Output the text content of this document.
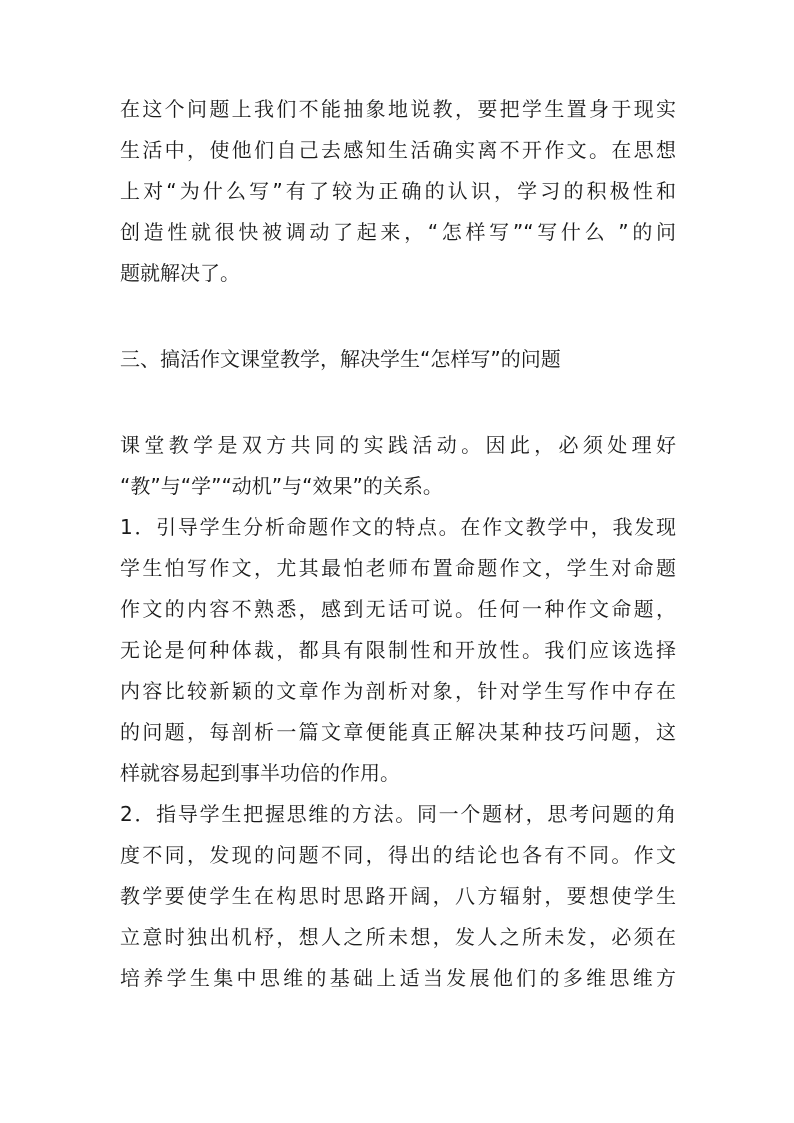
在这个问题上我们不能抽象地说教，要把学生置身于现实
生活中，使他们自己去感知生活确实离不开作文。在思想
上对“为什么写”有了较为正确的认识，学习的积极性和
创造性就很快被调动了起来，“怎样写”“写什么 ”的问
题就解决了。
三、搞活作文课堂教学，解决学生“怎样写”的问题
课堂教学是双方共同的实践活动。因此，必须处理好
“教”与“学”“动机”与“效果”的关系。
1．引导学生分析命题作文的特点。在作文教学中，我发现
学生怕写作文，尤其最怕老师布置命题作文，学生对命题
作文的内容不熟悉，感到无话可说。任何一种作文命题，
无论是何种体裁，都具有限制性和开放性。我们应该选择
内容比较新颖的文章作为剖析对象，针对学生写作中存在
的问题，每剖析一篇文章便能真正解决某种技巧问题，这
样就容易起到事半功倍的作用。
2．指导学生把握思维的方法。同一个题材，思考问题的角
度不同，发现的问题不同，得出的结论也各有不同。作文
教学要使学生在构思时思路开阔，八方辐射，要想使学生
立意时独出机杼，想人之所未想，发人之所未发，必须在
培养学生集中思维的基础上适当发展他们的多维思维方
